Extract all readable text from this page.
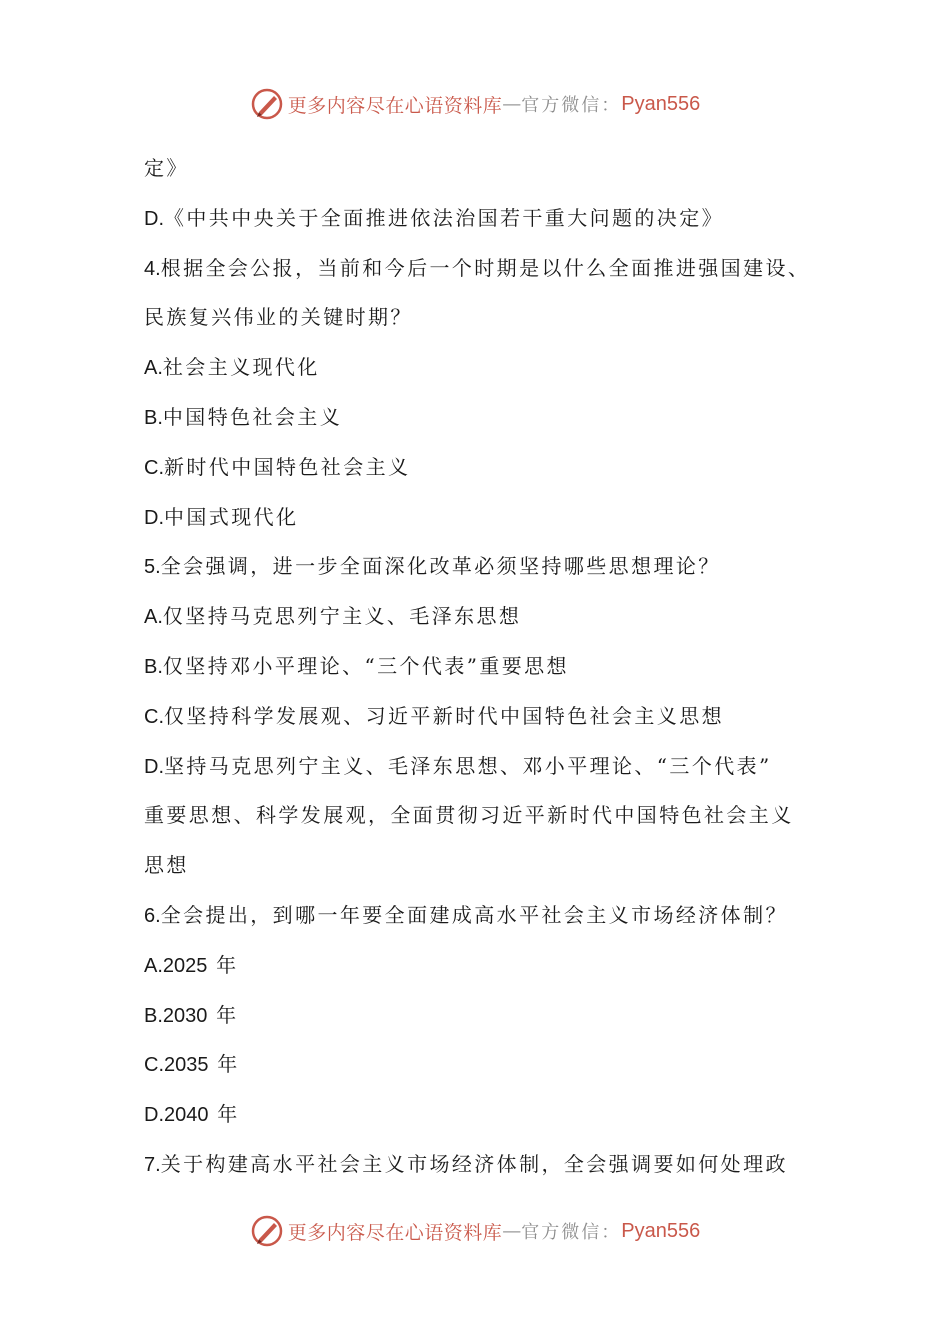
更多内容尽在心语资料库 — 官方微信： Pyan556
定》
D.《中共中央关于全面推进依法治国若干重大问题的决定》
4.根据全会公报，当前和今后一个时期是以什么全面推进强国建设、
民族复兴伟业的关键时期？
A.社会主义现代化
B.中国特色社会主义
C.新时代中国特色社会主义
D.中国式现代化
5.全会强调，进一步全面深化改革必须坚持哪些思想理论？
A.仅坚持马克思列宁主义、毛泽东思想
B.仅坚持邓小平理论、“三个代表”重要思想
C.仅坚持科学发展观、习近平新时代中国特色社会主义思想
D.坚持马克思列宁主义、毛泽东思想、邓小平理论、“三个代表”
重要思想、科学发展观，全面贯彻习近平新时代中国特色社会主义
思想
6.全会提出，到哪一年要全面建成高水平社会主义市场经济体制？
A.2025 年
B.2030 年
C.2035 年
D.2040 年
7.关于构建高水平社会主义市场经济体制，全会强调要如何处理政
更多内容尽在心语资料库 — 官方微信： Pyan556
